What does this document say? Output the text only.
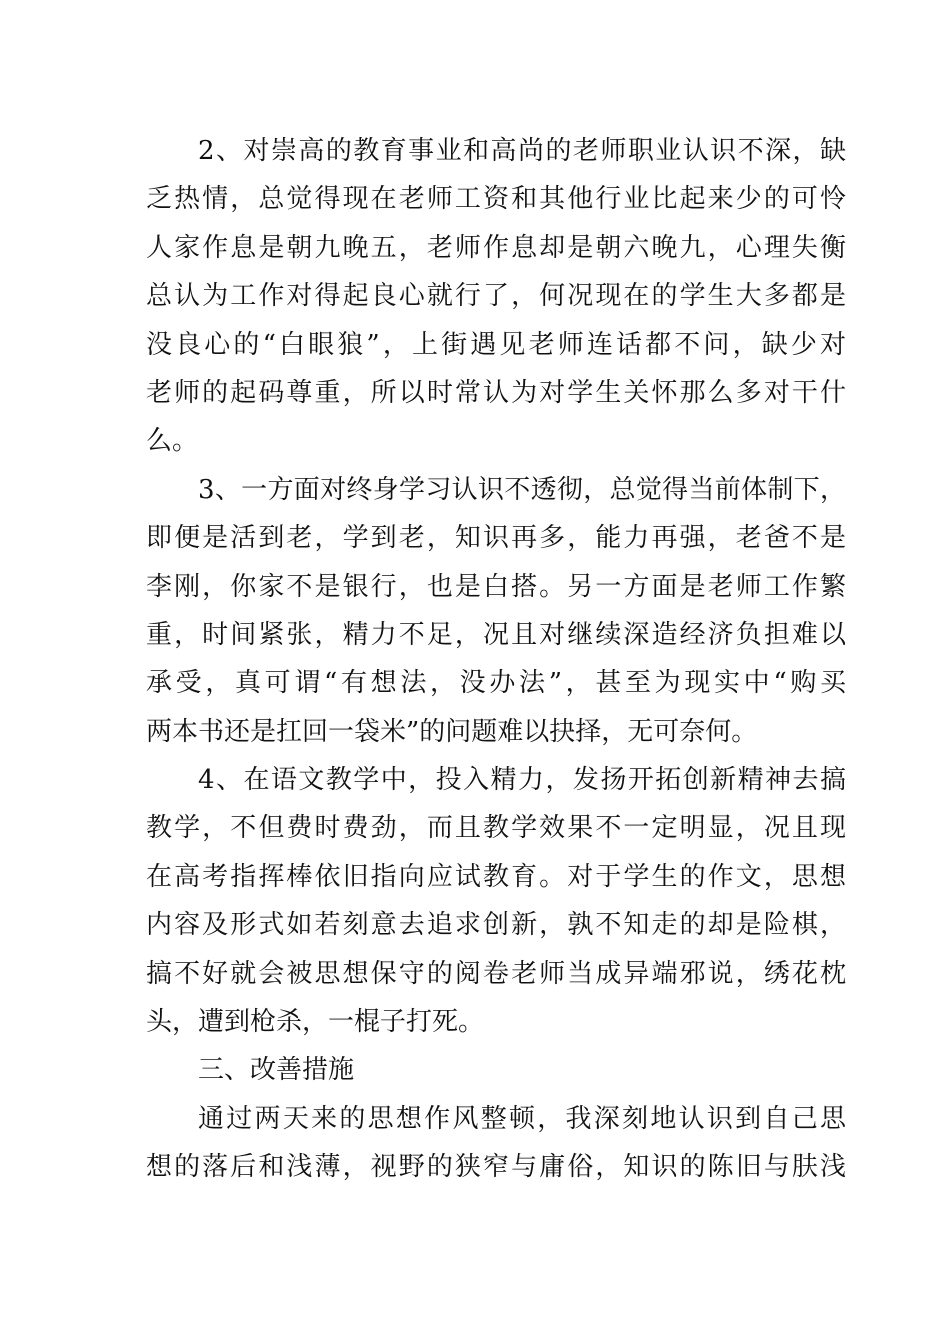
2、对崇高的教育事业和高尚的老师职业认识不深，缺
乏热情，总觉得现在老师工资和其他行业比起来少的可怜
人家作息是朝九晚五，老师作息却是朝六晚九，心理失衡
总认为工作对得起良心就行了，何况现在的学生大多都是
没良心的“白眼狼”，上街遇见老师连话都不问，缺少对
老师的起码尊重，所以时常认为对学生关怀那么多对干什
么。
3、一方面对终身学习认识不透彻，总觉得当前体制下，
即便是活到老，学到老，知识再多，能力再强，老爸不是
李刚，你家不是银行，也是白搭。另一方面是老师工作繁
重，时间紧张，精力不足，况且对继续深造经济负担难以
承受，真可谓“有想法，没办法”，甚至为现实中“购买
两本书还是扛回一袋米”的问题难以抉择，无可奈何。
4、在语文教学中，投入精力，发扬开拓创新精神去搞
教学，不但费时费劲，而且教学效果不一定明显，况且现
在高考指挥棒依旧指向应试教育。对于学生的作文，思想
内容及形式如若刻意去追求创新，孰不知走的却是险棋，
搞不好就会被思想保守的阅卷老师当成异端邪说，绣花枕
头，遭到枪杀，一棍子打死。
三、改善措施
通过两天来的思想作风整顿，我深刻地认识到自己思
想的落后和浅薄，视野的狭窄与庸俗，知识的陈旧与肤浅
